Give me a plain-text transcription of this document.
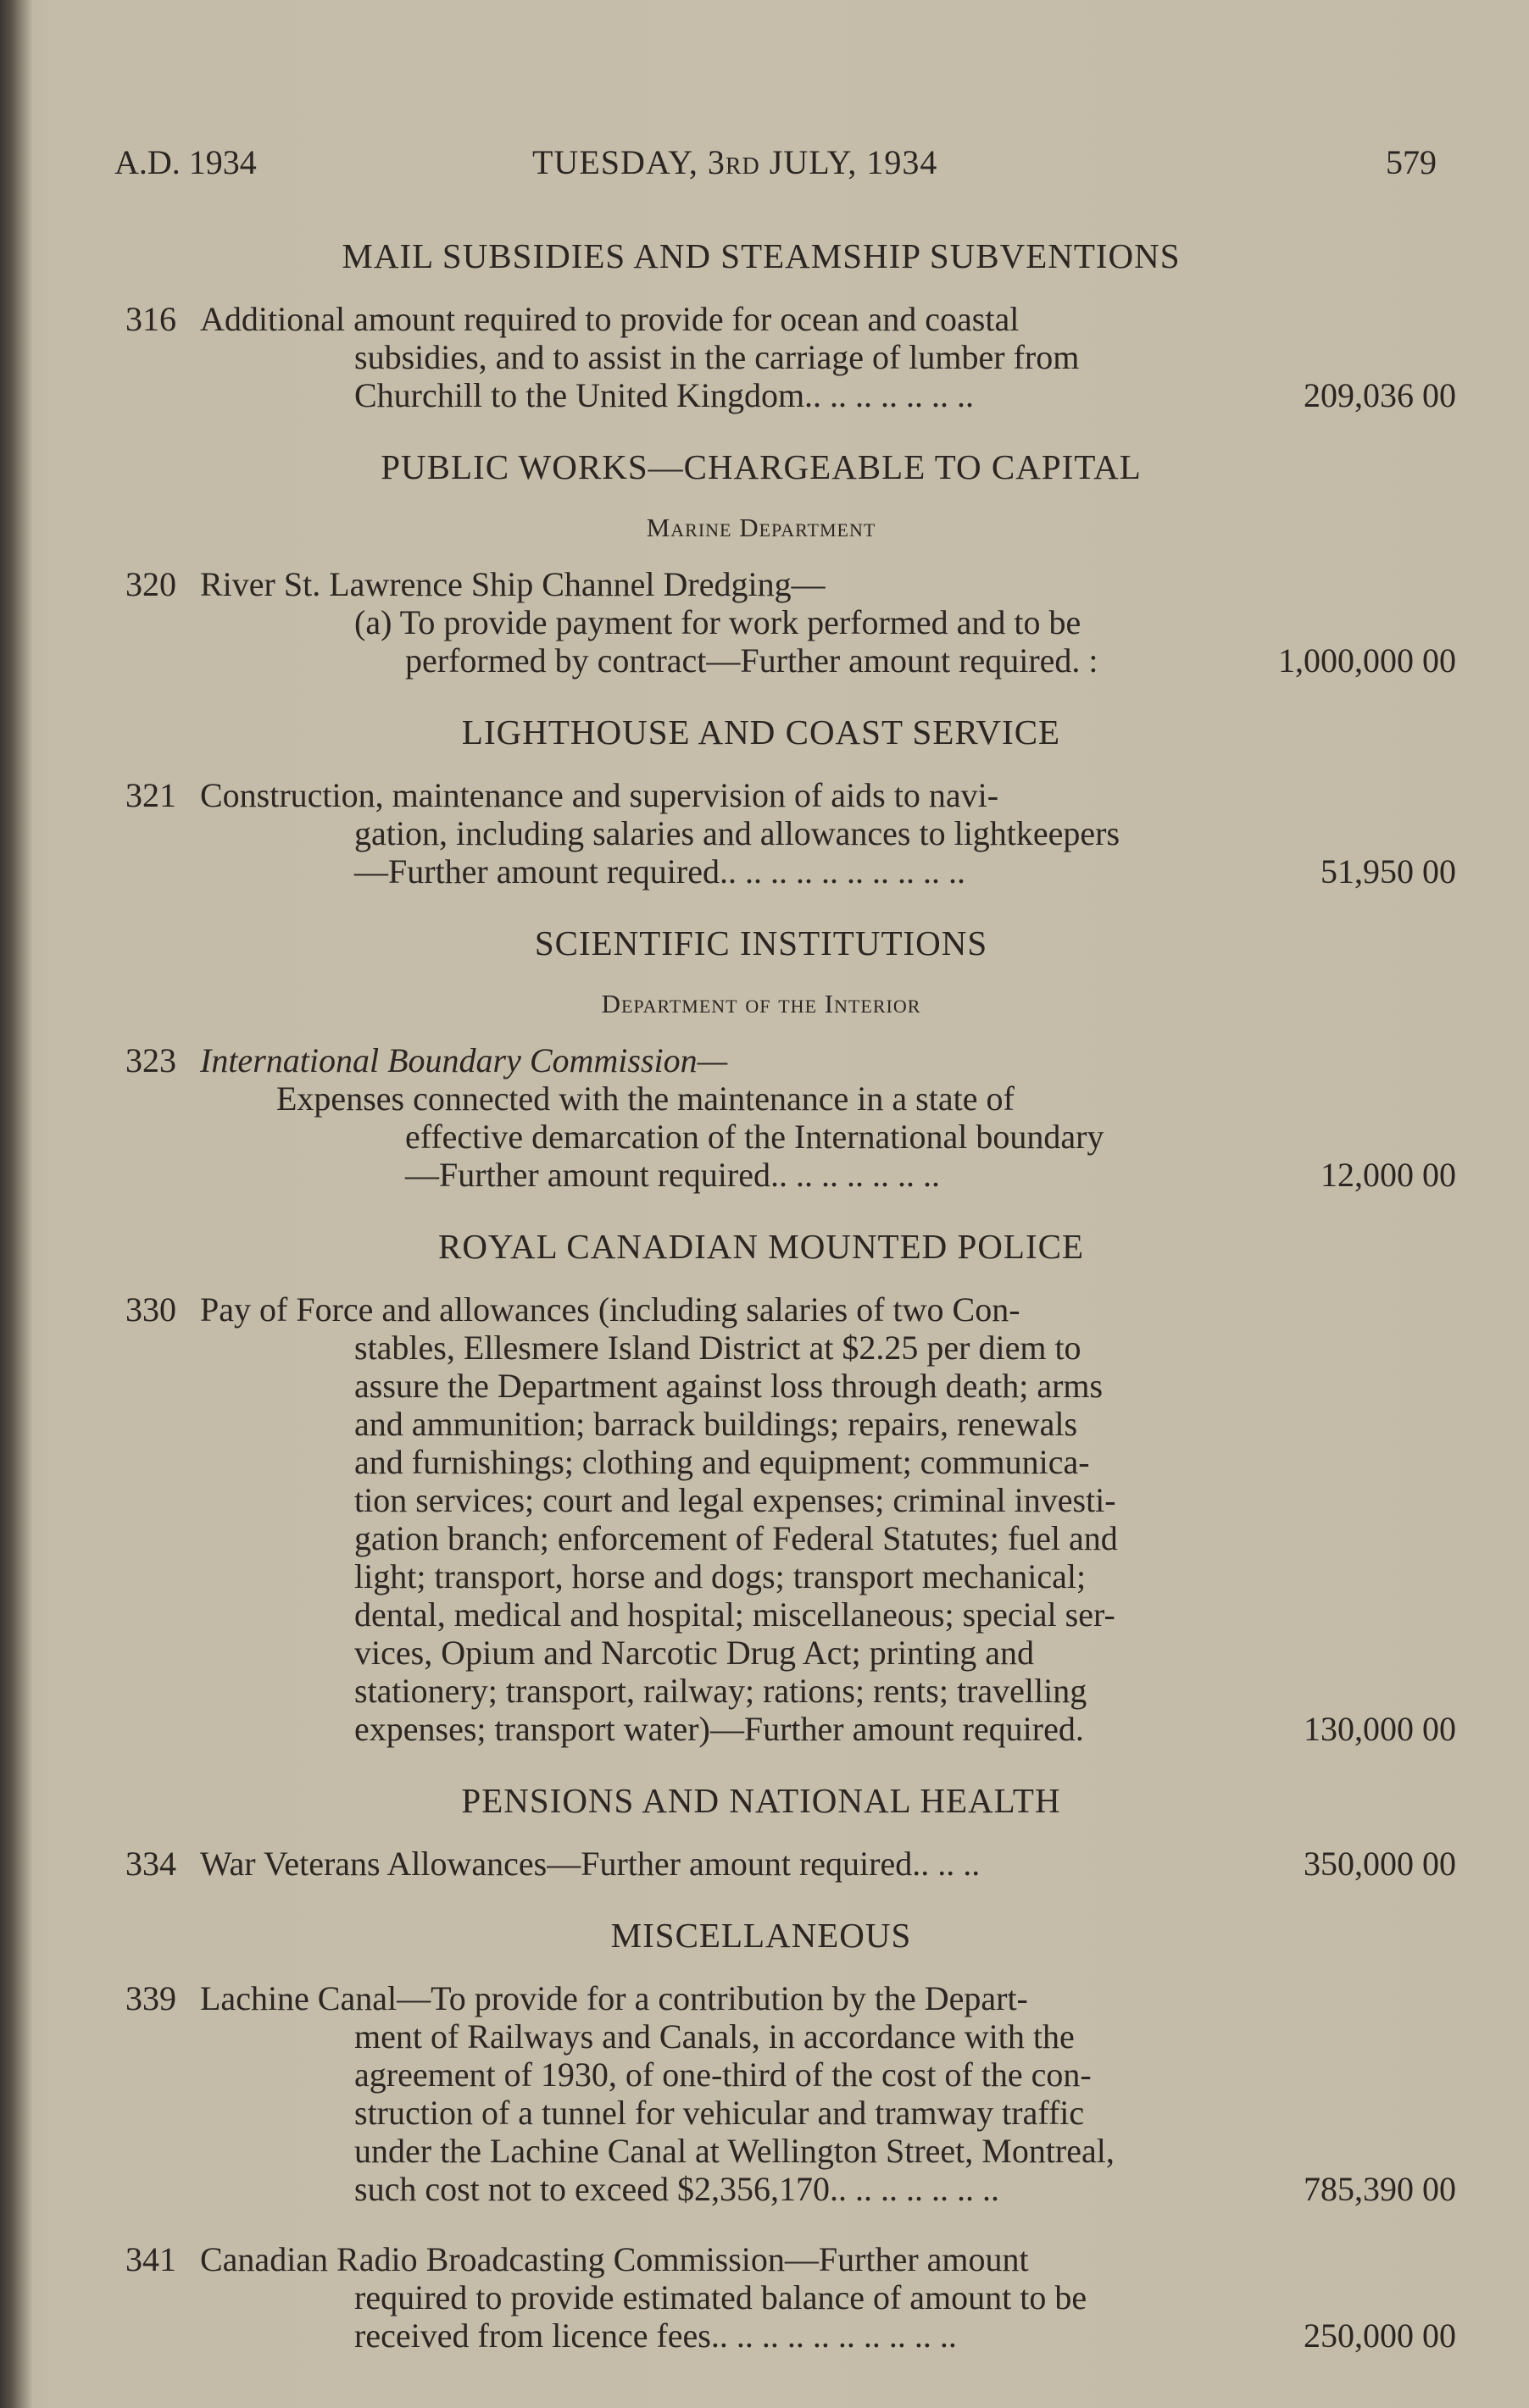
A.D. 1934	TUESDAY, 3RD JULY, 1934	579
MAIL SUBSIDIES AND STEAMSHIP SUBVENTIONS
316 Additional amount required to provide for ocean and coastal
subsidies, and to assist in the carriage of lumber from
Churchill to the United Kingdom.. .. .. .. .. .. ..	209,036 00
PUBLIC WORKS—CHARGEABLE TO CAPITAL
Marine Department
320 River St. Lawrence Ship Channel Dredging—
(a) To provide payment for work performed and to be
performed by contract—Further amount required. :	1,000,000 00
LIGHTHOUSE AND COAST SERVICE
321 Construction, maintenance and supervision of aids to navi-
gation, including salaries and allowances to lightkeepers
—Further amount required.. .. .. .. .. .. .. .. .. ..	51,950 00
SCIENTIFIC INSTITUTIONS
Department of the Interior
323 International Boundary Commission—
Expenses connected with the maintenance in a state of
effective demarcation of the International boundary
—Further amount required.. .. .. .. .. .. ..	12,000 00
ROYAL CANADIAN MOUNTED POLICE
330 Pay of Force and allowances (including salaries of two Con-
stables, Ellesmere Island District at $2.25 per diem to
assure the Department against loss through death; arms
and ammunition; barrack buildings; repairs, renewals
and furnishings; clothing and equipment; communica-
tion services; court and legal expenses; criminal investi-
gation branch; enforcement of Federal Statutes; fuel and
light; transport, horse and dogs; transport mechanical;
dental, medical and hospital; miscellaneous; special ser-
vices, Opium and Narcotic Drug Act; printing and
stationery; transport, railway; rations; rents; travelling
expenses; transport water)—Further amount required.	130,000 00
PENSIONS AND NATIONAL HEALTH
334 War Veterans Allowances—Further amount required.. .. ..	350,000 00
MISCELLANEOUS
339 Lachine Canal—To provide for a contribution by the Depart-
ment of Railways and Canals, in accordance with the
agreement of 1930, of one-third of the cost of the con-
struction of a tunnel for vehicular and tramway traffic
under the Lachine Canal at Wellington Street, Montreal,
such cost not to exceed $2,356,170.. .. .. .. .. .. ..	785,390 00
341 Canadian Radio Broadcasting Commission—Further amount
required to provide estimated balance of amount to be
received from licence fees.. .. .. .. .. .. .. .. .. ..	250,000 00
